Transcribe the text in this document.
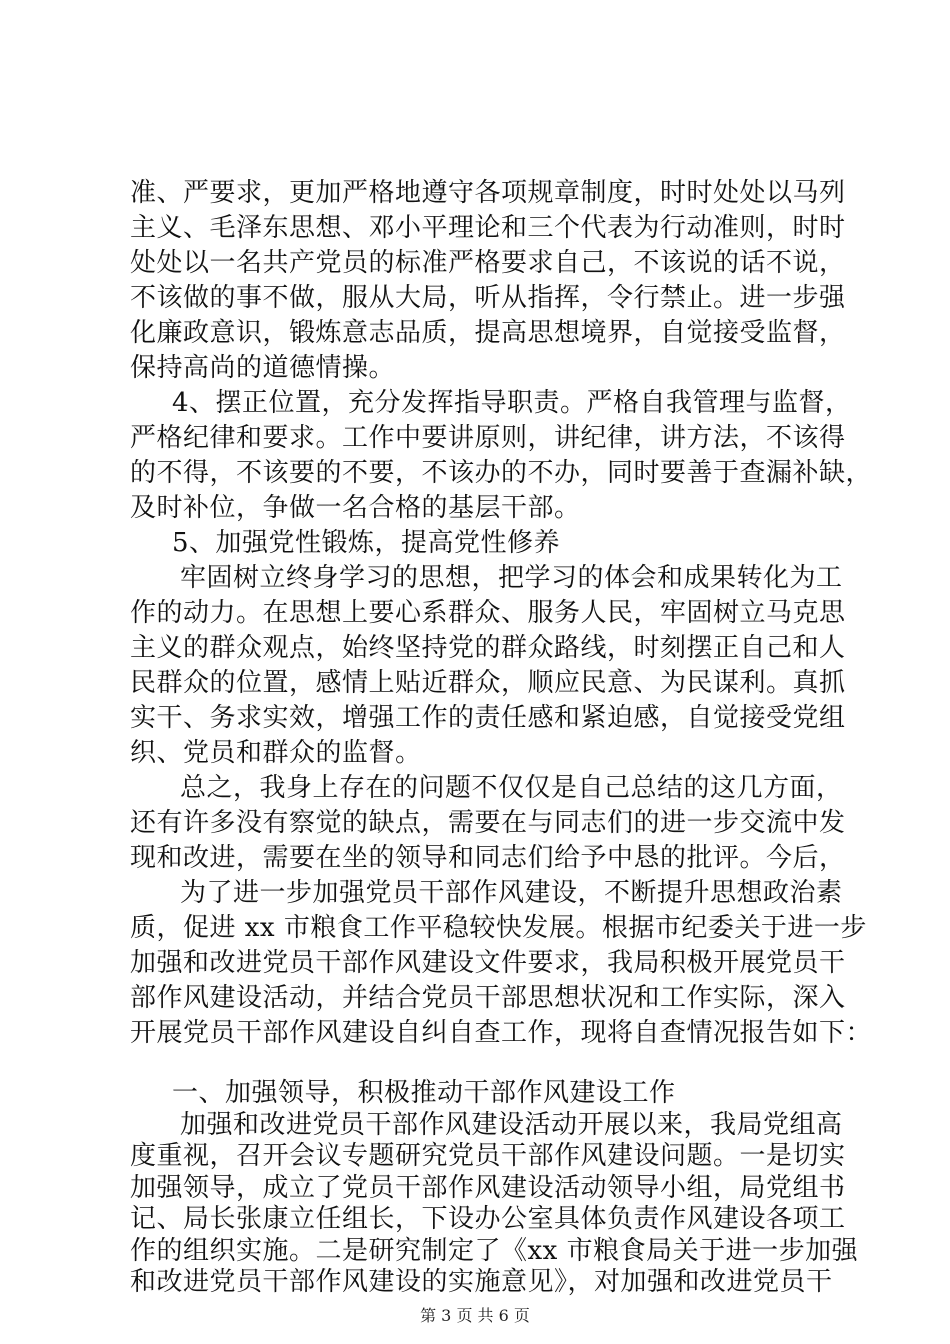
准、严要求，更加严格地遵守各项规章制度，时时处处以马列
主义、毛泽东思想、邓小平理论和三个代表为行动准则，时时
处处以一名共产党员的标准严格要求自己，不该说的话不说，
不该做的事不做，服从大局，听从指挥，令行禁止。进一步强
化廉政意识，锻炼意志品质，提高思想境界，自觉接受监督，
保持高尚的道德情操。
4、摆正位置，充分发挥指导职责。严格自我管理与监督，
严格纪律和要求。工作中要讲原则，讲纪律，讲方法，不该得
的不得，不该要的不要，不该办的不办，同时要善于查漏补缺，
及时补位，争做一名合格的基层干部。
5、加强党性锻炼，提高党性修养
牢固树立终身学习的思想，把学习的体会和成果转化为工
作的动力。在思想上要心系群众、服务人民，牢固树立马克思
主义的群众观点，始终坚持党的群众路线，时刻摆正自己和人
民群众的位置，感情上贴近群众，顺应民意、为民谋利。真抓
实干、务求实效，增强工作的责任感和紧迫感，自觉接受党组
织、党员和群众的监督。
总之，我身上存在的问题不仅仅是自己总结的这几方面，
还有许多没有察觉的缺点，需要在与同志们的进一步交流中发
现和改进，需要在坐的领导和同志们给予中恳的批评。今后，
为了进一步加强党员干部作风建设，不断提升思想政治素
质，促进 xx 市粮食工作平稳较快发展。根据市纪委关于进一步
加强和改进党员干部作风建设文件要求，我局积极开展党员干
部作风建设活动，并结合党员干部思想状况和工作实际，深入
开展党员干部作风建设自纠自查工作，现将自查情况报告如下：
一、加强领导，积极推动干部作风建设工作
加强和改进党员干部作风建设活动开展以来，我局党组高
度重视，召开会议专题研究党员干部作风建设问题。一是切实
加强领导，成立了党员干部作风建设活动领导小组，局党组书
记、局长张康立任组长，下设办公室具体负责作风建设各项工
作的组织实施。二是研究制定了《xx 市粮食局关于进一步加强
和改进党员干部作风建设的实施意见》，对加强和改进党员干
第 3 页 共 6 页
